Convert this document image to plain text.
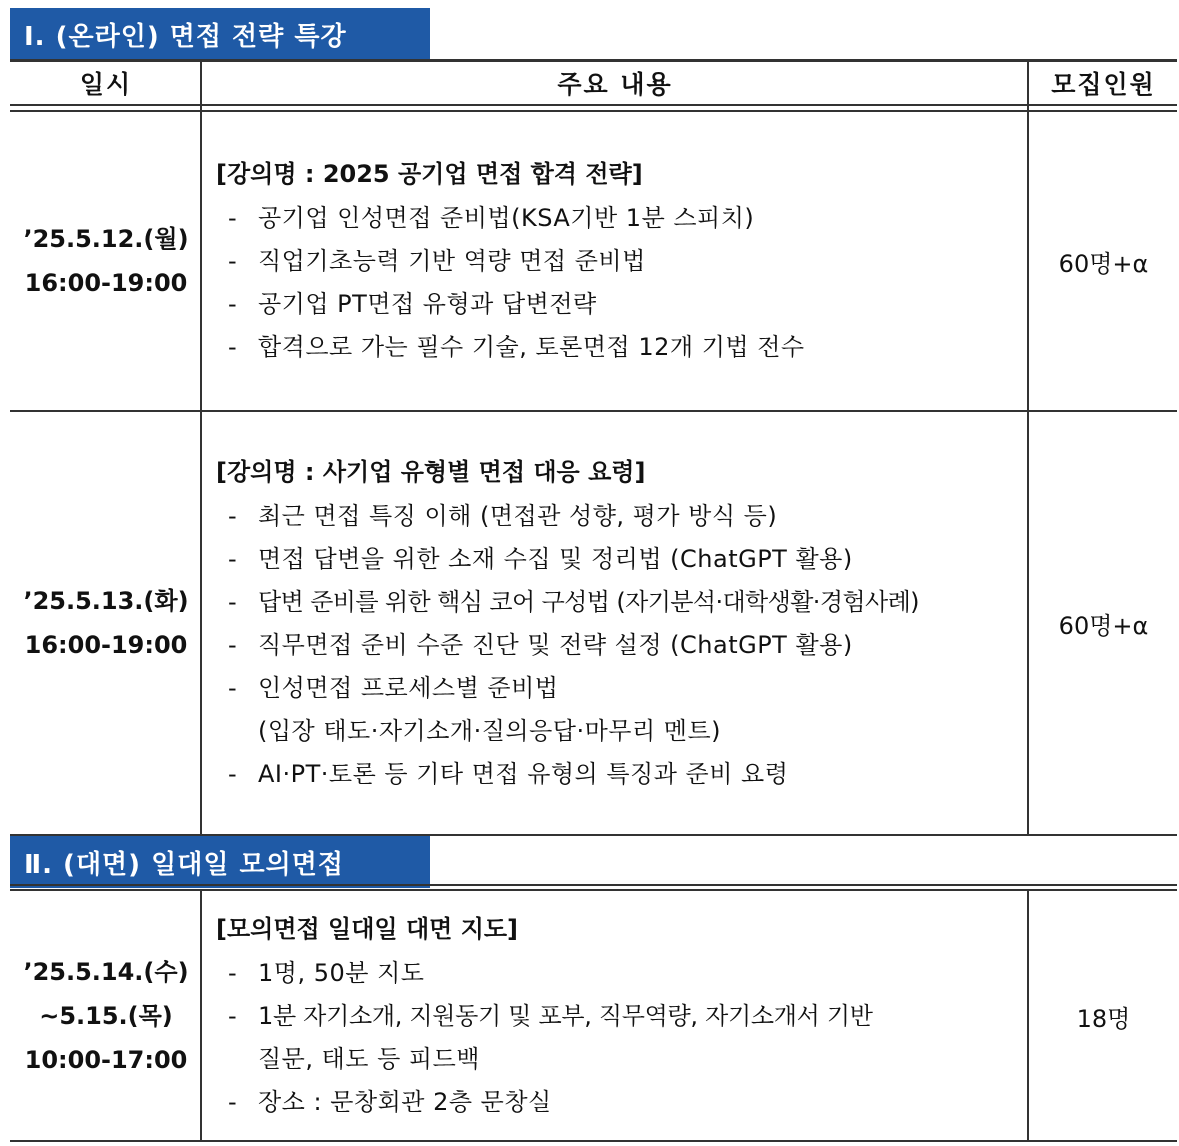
Ⅰ. (온라인) 면접 전략 특강
일시	주요 내용	모집인원
’25.5.12.(월)
16:00-19:00
[강의명 : 2025 공기업 면접 합격 전략]
- 공기업 인성면접 준비법(KSA기반 1분 스피치)
- 직업기초능력 기반 역량 면접 준비법
- 공기업 PT면접 유형과 답변전략
- 합격으로 가는 필수 기술, 토론면접 12개 기법 전수
60명+α
’25.5.13.(화)
16:00-19:00
[강의명 : 사기업 유형별 면접 대응 요령]
- 최근 면접 특징 이해 (면접관 성향, 평가 방식 등)
- 면접 답변을 위한 소재 수집 및 정리법 (ChatGPT 활용)
- 답변 준비를 위한 핵심 코어 구성법 (자기분석·대학생활·경험사례)
- 직무면접 준비 수준 진단 및 전략 설정 (ChatGPT 활용)
- 인성면접 프로세스별 준비법
(입장 태도·자기소개·질의응답·마무리 멘트)
- AI·PT·토론 등 기타 면접 유형의 특징과 준비 요령
60명+α
Ⅱ. (대면) 일대일 모의면접
’25.5.14.(수)
~5.15.(목)
10:00-17:00
[모의면접 일대일 대면 지도]
- 1명, 50분 지도
- 1분 자기소개, 지원동기 및 포부, 직무역량, 자기소개서 기반
질문, 태도 등 피드백
- 장소 : 문창회관 2층 문창실
18명
